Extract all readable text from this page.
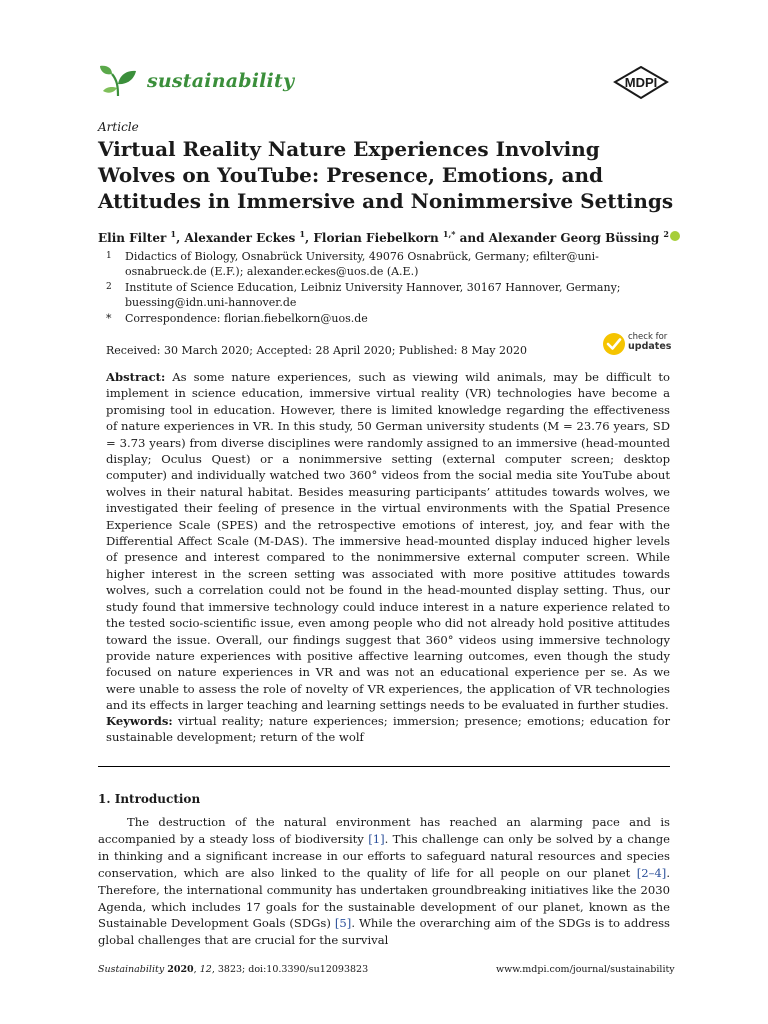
sustainability	MDPI
Article
Virtual Reality Nature Experiences Involving Wolves on YouTube: Presence, Emotions, and Attitudes in Immersive and Nonimmersive Settings
Elin Filter $^1$, Alexander Eckes $^1$, Florian Fiebelkorn $^{1,*}$ and Alexander Georg Büssing $^2$
1 Didactics of Biology, Osnabrück University, 49076 Osnabrück, Germany; efilter@uni-osnabrueck.de (E.F.); alexander.eckes@uos.de (A.E.)
2 Institute of Science Education, Leibniz University Hannover, 30167 Hannover, Germany; buessing@idn.uni-hannover.de
* Correspondence: florian.fiebelkorn@uos.de
check for
updates
Received: 30 March 2020; Accepted: 28 April 2020; Published: 8 May 2020
Abstract: As some nature experiences, such as viewing wild animals, may be difficult to implement in science education, immersive virtual reality (VR) technologies have become a promising tool in education. However, there is limited knowledge regarding the effectiveness of nature experiences in VR. In this study, 50 German university students (M = 23.76 years, SD = 3.73 years) from diverse disciplines were randomly assigned to an immersive (head-mounted display; Oculus Quest) or a nonimmersive setting (external computer screen; desktop computer) and individually watched two 360° videos from the social media site YouTube about wolves in their natural habitat. Besides measuring participants’ attitudes towards wolves, we investigated their feeling of presence in the virtual environments with the Spatial Presence Experience Scale (SPES) and the retrospective emotions of interest, joy, and fear with the Differential Affect Scale (M-DAS). The immersive head-mounted display induced higher levels of presence and interest compared to the nonimmersive external computer screen. While higher interest in the screen setting was associated with more positive attitudes towards wolves, such a correlation could not be found in the head-mounted display setting. Thus, our study found that immersive technology could induce interest in a nature experience related to the tested socio-scientific issue, even among people who did not already hold positive attitudes toward the issue. Overall, our findings suggest that 360° videos using immersive technology provide nature experiences with positive affective learning outcomes, even though the study focused on nature experiences in VR and was not an educational experience per se. As we were unable to assess the role of novelty of VR experiences, the application of VR technologies and its effects in larger teaching and learning settings needs to be evaluated in further studies.
Keywords: virtual reality; nature experiences; immersion; presence; emotions; education for sustainable development; return of the wolf
1. Introduction
The destruction of the natural environment has reached an alarming pace and is accompanied by a steady loss of biodiversity [1]. This challenge can only be solved by a change in thinking and a significant increase in our efforts to safeguard natural resources and species conservation, which are also linked to the quality of life for all people on our planet [2–4]. Therefore, the international community has undertaken groundbreaking initiatives like the 2030 Agenda, which includes 17 goals for the sustainable development of our planet, known as the Sustainable Development Goals (SDGs) [5]. While the overarching aim of the SDGs is to address global challenges that are crucial for the survival
Sustainability 2020, 12, 3823; doi:10.3390/su12093823	www.mdpi.com/journal/sustainability
